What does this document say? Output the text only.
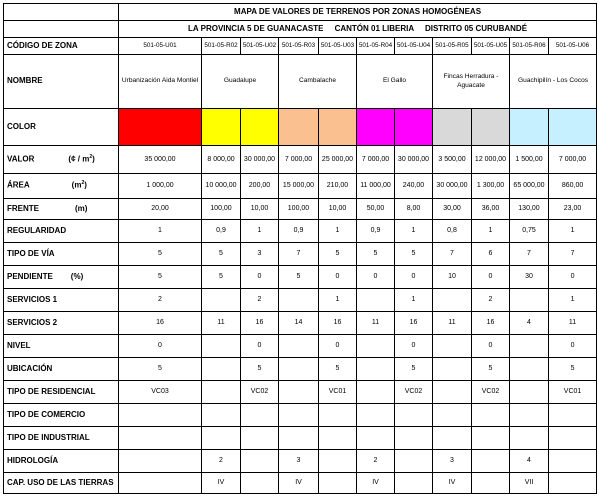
	MAPA DE VALORES DE TERRENOS POR ZONAS HOMOGÉNEAS										
	LA PROVINCIA 5 DE GUANACASTE     CANTÓN 01 LIBERIA     DISTRITO 05 CURUBANDÉ										
CÓDIGO DE ZONA	501-05-U01	501-05-R02	501-05-U02	501-05-R03	501-05-U03	501-05-R04	501-05-U04	501-05-R05	501-05-U05	501-05-R06	501-05-U06
NOMBRE	Urbanización Aida Montiel	Guadalupe		Cambalache		El Gallo		Fincas Herradura - Aguacate		Guachipilín - Los Cocos	
COLOR											
VALOR (¢ / $m^2$)	35 000,00	8 000,00	30 000,00	7 000,00	25 000,00	7 000,00	30 000,00	3 500,00	12 000,00	1 500,00	7 000,00
ÁREA $(m^2)$	1 000,00	10 000,00	200,00	15 000,00	210,00	11 000,00	240,00	30 000,00	1 300,00	65 000,00	860,00
FRENTE (m)	20,00	100,00	10,00	100,00	10,00	50,00	8,00	30,00	36,00	130,00	23,00
REGULARIDAD	1	0,9	1	0,9	1	0,9	1	0,8	1	0,75	1
TIPO DE VÍA	5	5	3	7	5	5	5	7	6	7	7
PENDIENTE (%)	5	5	0	5	0	0	0	10	0	30	0
SERVICIOS 1	2		2		1		1		2		1
SERVICIOS 2	16	11	16	14	16	11	16	11	16	4	11
NIVEL	0		0		0		0		0		0
UBICACIÓN	5		5		5		5		5		5
TIPO DE RESIDENCIAL	VC03		VC02		VC01		VC02		VC02		VC01
TIPO DE COMERCIO											
TIPO DE INDUSTRIAL											
HIDROLOGÍA		2		3		2		3		4	
CAP. USO DE LAS TIERRAS		IV		IV		IV		IV		VII	
